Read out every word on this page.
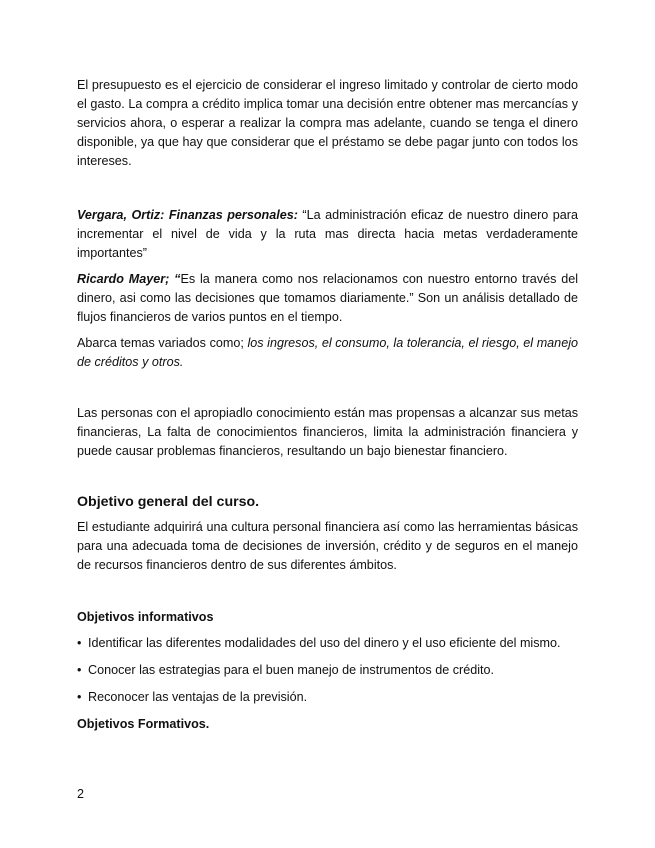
El presupuesto es el ejercicio de considerar el ingreso limitado y controlar de cierto modo el gasto. La compra a crédito implica tomar una decisión entre obtener mas mercancías y servicios ahora, o esperar a realizar la compra mas adelante, cuando se tenga el dinero disponible, ya que hay que considerar que el préstamo se debe pagar junto con todos los intereses.

Vergara, Ortiz: Finanzas personales: “La administración eficaz de nuestro dinero para incrementar el nivel de vida y la ruta mas directa hacia metas verdaderamente importantes”

Ricardo Mayer; “Es la manera como nos relacionamos con nuestro entorno través del dinero, asi como las decisiones que tomamos diariamente.” Son un análisis detallado de flujos financieros de varios puntos en el tiempo.

Abarca temas variados como; los ingresos, el consumo, la tolerancia, el riesgo, el manejo de créditos y otros.

Las personas con el apropiadlo conocimiento están mas propensas a alcanzar sus metas financieras, La falta de conocimientos financieros, limita la administración financiera y puede causar problemas financieros, resultando un bajo bienestar financiero.

Objetivo general del curso.

El estudiante adquirirá una cultura personal financiera así como las herramientas básicas para una adecuada toma de decisiones de inversión, crédito y de seguros en el manejo de recursos financieros dentro de sus diferentes ámbitos.

Objetivos informativos
• Identificar las diferentes modalidades del uso del dinero y el uso eficiente del mismo.
• Conocer las estrategias para el buen manejo de instrumentos de crédito.
• Reconocer las ventajas de la previsión.
Objetivos Formativos.
2
